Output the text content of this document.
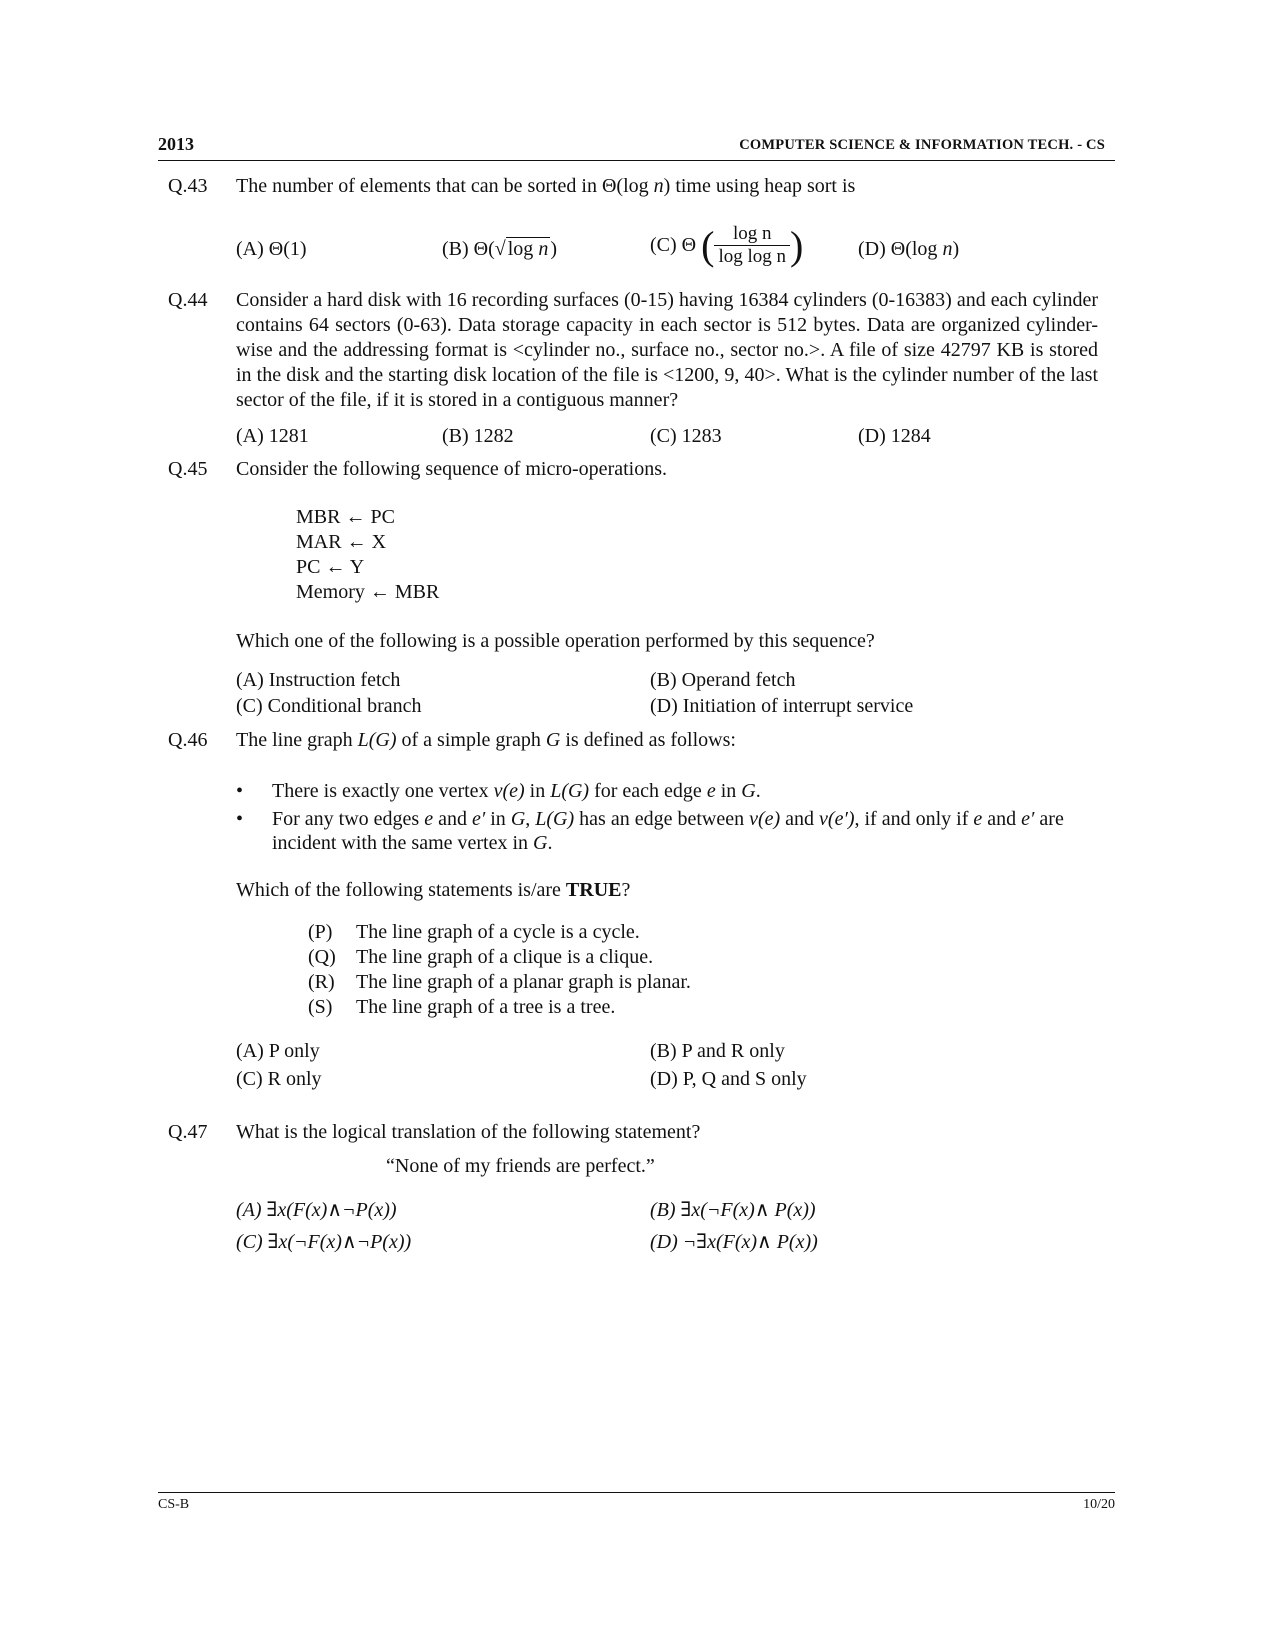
2013	COMPUTER SCIENCE & INFORMATION TECH. - CS
Q.43 The number of elements that can be sorted in Θ(log n) time using heap sort is
(A) Θ(1)	(B) Θ(√ log n )	(C) Θ ( $\frac{\text{log n}}{\text{log log n}}$ )	(D) Θ(log n)
Q.44 Consider a hard disk with 16 recording surfaces (0-15) having 16384 cylinders (0-16383) and each cylinder contains 64 sectors (0-63). Data storage capacity in each sector is 512 bytes. Data are organized cylinder-wise and the addressing format is <cylinder no., surface no., sector no.>. A file of size 42797 KB is stored in the disk and the starting disk location of the file is <1200, 9, 40>. What is the cylinder number of the last sector of the file, if it is stored in a contiguous manner?
(A) 1281	(B) 1282	(C) 1283	(D) 1284
Q.45 Consider the following sequence of micro-operations.
MBR ← PC
MAR ← X
PC ← Y
Memory ← MBR
Which one of the following is a possible operation performed by this sequence?
(A) Instruction fetch	(B) Operand fetch
(C) Conditional branch	(D) Initiation of interrupt service
Q.46 The line graph L(G) of a simple graph G is defined as follows:
• There is exactly one vertex v(e) in L(G) for each edge e in G.
• For any two edges e and e′ in G, L(G) has an edge between v(e) and v(e′), if and only if e and e′ are incident with the same vertex in G.
Which of the following statements is/are TRUE?
(P) The line graph of a cycle is a cycle.
(Q) The line graph of a clique is a clique.
(R) The line graph of a planar graph is planar.
(S) The line graph of a tree is a tree.
(A) P only	(B) P and R only
(C) R only	(D) P, Q and S only
Q.47 What is the logical translation of the following statement?
“None of my friends are perfect.”
(A) ∃x(F(x)∧¬P(x))	(B) ∃x(¬F(x)∧ P(x))
(C) ∃x(¬F(x)∧¬P(x))	(D) ¬∃x(F(x)∧ P(x))
CS-B	10/20
